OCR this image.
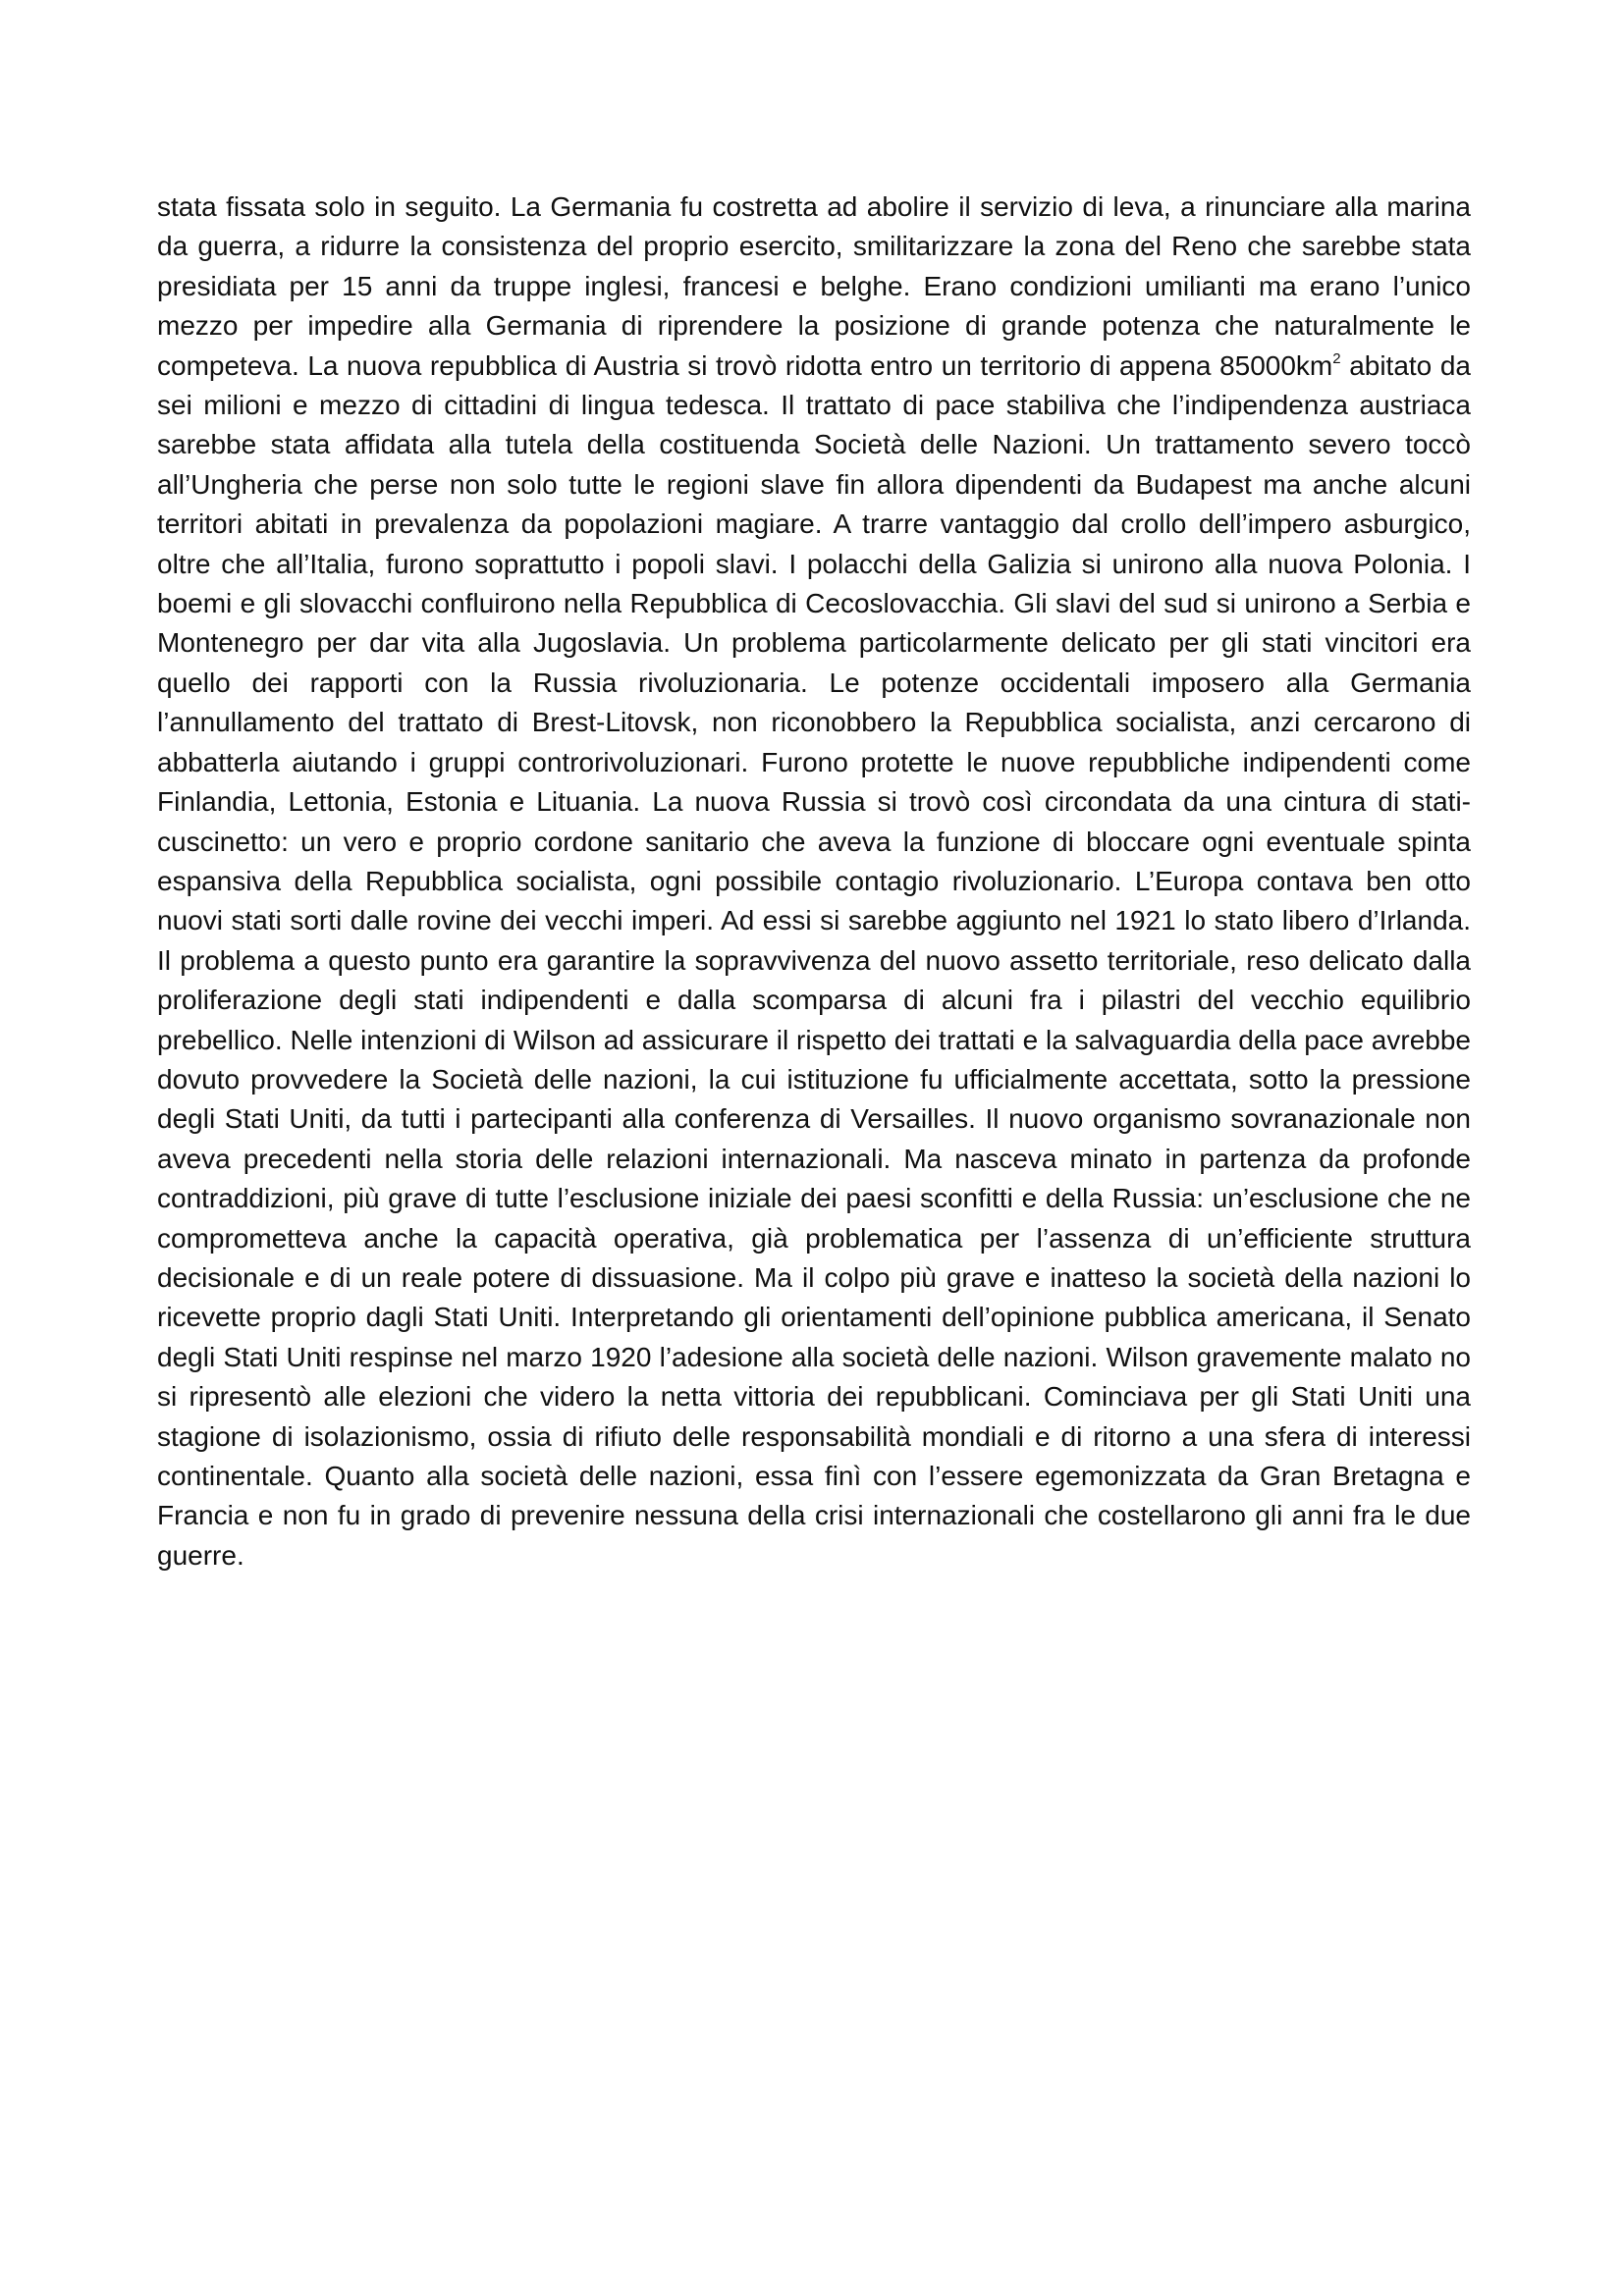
stata fissata solo in seguito. La Germania fu costretta ad abolire il servizio di leva, a rinunciare alla marina da guerra, a ridurre la consistenza del proprio esercito, smilitarizzare la zona del Reno che sarebbe stata presidiata per 15 anni da truppe inglesi, francesi e belghe. Erano condizioni umilianti ma erano l’unico mezzo per impedire alla Germania di riprendere la posizione di grande potenza che naturalmente le competeva. La nuova repubblica di Austria si trovò ridotta entro un territorio di appena $85000km^2$ abitato da sei milioni e mezzo di cittadini di lingua tedesca. Il trattato di pace stabiliva che l’indipendenza austriaca sarebbe stata affidata alla tutela della costituenda Società delle Nazioni. Un trattamento severo toccò all’Ungheria che perse non solo tutte le regioni slave fin allora dipendenti da Budapest ma anche alcuni territori abitati in prevalenza da popolazioni magiare. A trarre vantaggio dal crollo dell’impero asburgico, oltre che all’Italia, furono soprattutto i popoli slavi. I polacchi della Galizia si unirono alla nuova Polonia. I boemi e gli slovacchi confluirono nella Repubblica di Cecoslovacchia. Gli slavi del sud si unirono a Serbia e Montenegro per dar vita alla Jugoslavia. Un problema particolarmente delicato per gli stati vincitori era quello dei rapporti con la Russia rivoluzionaria. Le potenze occidentali imposero alla Germania l’annullamento del trattato di Brest-Litovsk, non riconobbero la Repubblica socialista, anzi cercarono di abbatterla aiutando i gruppi controrivoluzionari. Furono protette le nuove repubbliche indipendenti come Finlandia, Lettonia, Estonia e Lituania. La nuova Russia si trovò così circondata da una cintura di stati-cuscinetto: un vero e proprio cordone sanitario che aveva la funzione di bloccare ogni eventuale spinta espansiva della Repubblica socialista, ogni possibile contagio rivoluzionario. L’Europa contava ben otto nuovi stati sorti dalle rovine dei vecchi imperi. Ad essi si sarebbe aggiunto nel 1921 lo stato libero d’Irlanda. Il problema a questo punto era garantire la sopravvivenza del nuovo assetto territoriale, reso delicato dalla proliferazione degli stati indipendenti e dalla scomparsa di alcuni fra i pilastri del vecchio equilibrio prebellico. Nelle intenzioni di Wilson ad assicurare il rispetto dei trattati e la salvaguardia della pace avrebbe dovuto provvedere la Società delle nazioni, la cui istituzione fu ufficialmente accettata, sotto la pressione degli Stati Uniti, da tutti i partecipanti alla conferenza di Versailles. Il nuovo organismo sovranazionale non aveva precedenti nella storia delle relazioni internazionali. Ma nasceva minato in partenza da profonde contraddizioni, più grave di tutte l’esclusione iniziale dei paesi sconfitti e della Russia: un’esclusione che ne comprometteva anche la capacità operativa, già problematica per l’assenza di un’efficiente struttura decisionale e di un reale potere di dissuasione. Ma il colpo più grave e inatteso la società della nazioni lo ricevette proprio dagli Stati Uniti. Interpretando gli orientamenti dell’opinione pubblica americana, il Senato degli Stati Uniti respinse nel marzo 1920 l’adesione alla società delle nazioni. Wilson gravemente malato no si ripresentò alle elezioni che videro la netta vittoria dei repubblicani. Cominciava per gli Stati Uniti una stagione di isolazionismo, ossia di rifiuto delle responsabilità mondiali e di ritorno a una sfera di interessi continentale. Quanto alla società delle nazioni, essa finì con l’essere egemonizzata da Gran Bretagna e Francia e non fu in grado di prevenire nessuna della crisi internazionali che costellarono gli anni fra le due guerre.
